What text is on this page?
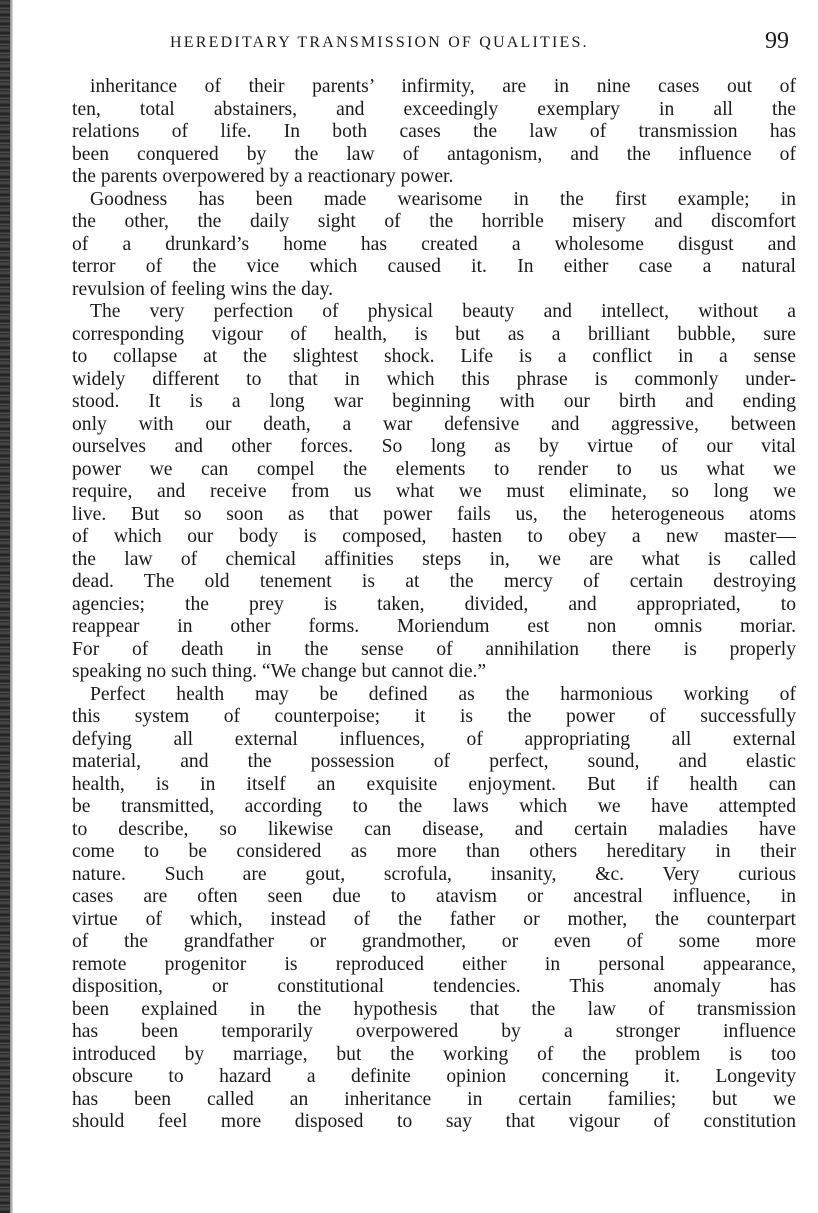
HEREDITARY TRANSMISSION OF QUALITIES.	99
inheritance of their parents’ infirmity, are in nine cases out of
ten, total abstainers, and exceedingly exemplary in all the
relations of life. In both cases the law of transmission has
been conquered by the law of antagonism, and the influence of
the parents overpowered by a reactionary power.
Goodness has been made wearisome in the first example; in
the other, the daily sight of the horrible misery and discomfort
of a drunkard’s home has created a wholesome disgust and
terror of the vice which caused it. In either case a natural
revulsion of feeling wins the day.
The very perfection of physical beauty and intellect, without a
corresponding vigour of health, is but as a brilliant bubble, sure
to collapse at the slightest shock. Life is a conflict in a sense
widely different to that in which this phrase is commonly under-
stood. It is a long war beginning with our birth and ending
only with our death, a war defensive and aggressive, between
ourselves and other forces. So long as by virtue of our vital
power we can compel the elements to render to us what we
require, and receive from us what we must eliminate, so long we
live. But so soon as that power fails us, the heterogeneous atoms
of which our body is composed, hasten to obey a new master—
the law of chemical affinities steps in, we are what is called
dead. The old tenement is at the mercy of certain destroying
agencies; the prey is taken, divided, and appropriated, to
reappear in other forms. Moriendum est non omnis moriar.
For of death in the sense of annihilation there is properly
speaking no such thing. “We change but cannot die.”
Perfect health may be defined as the harmonious working of
this system of counterpoise; it is the power of successfully
defying all external influences, of appropriating all external
material, and the possession of perfect, sound, and elastic
health, is in itself an exquisite enjoyment. But if health can
be transmitted, according to the laws which we have attempted
to describe, so likewise can disease, and certain maladies have
come to be considered as more than others hereditary in their
nature. Such are gout, scrofula, insanity, &c. Very curious
cases are often seen due to atavism or ancestral influence, in
virtue of which, instead of the father or mother, the counterpart
of the grandfather or grandmother, or even of some more
remote progenitor is reproduced either in personal appearance,
disposition, or constitutional tendencies. This anomaly has
been explained in the hypothesis that the law of transmission
has been temporarily overpowered by a stronger influence
introduced by marriage, but the working of the problem is too
obscure to hazard a definite opinion concerning it. Longevity
has been called an inheritance in certain families; but we
should feel more disposed to say that vigour of constitution
